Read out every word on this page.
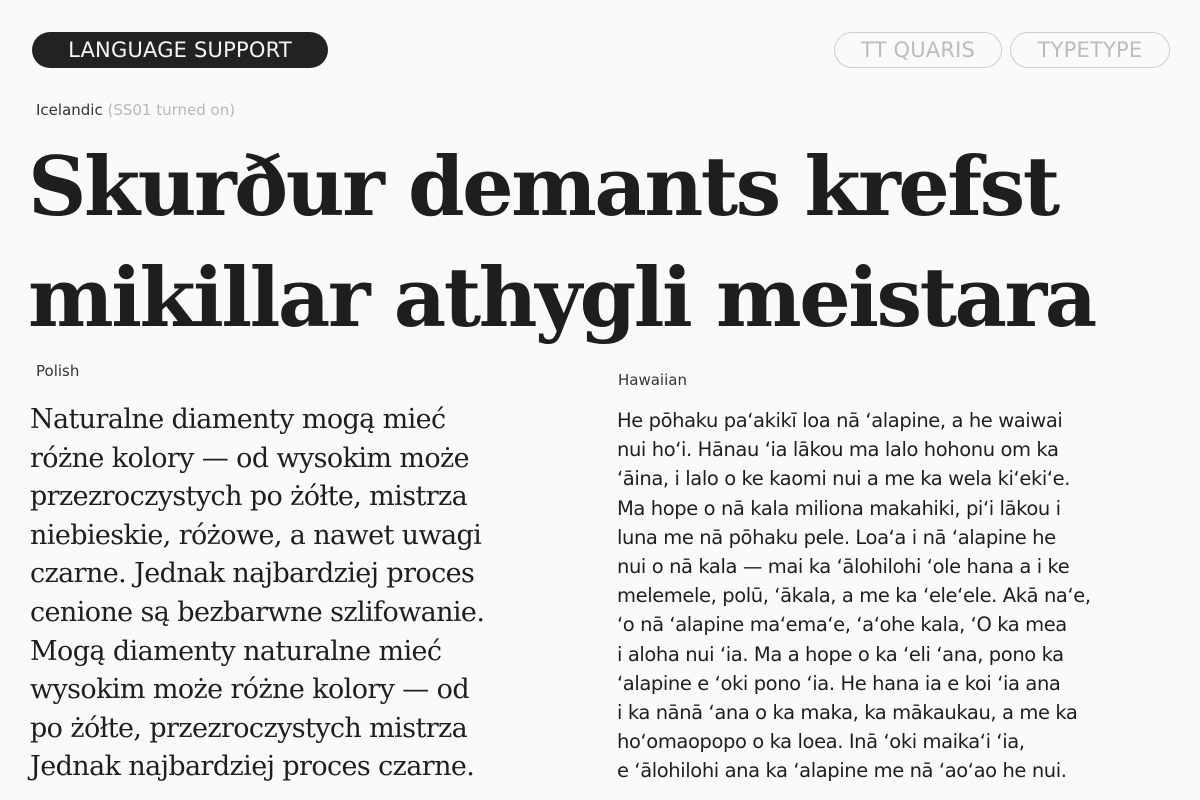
LANGUAGE SUPPORT	TT QUARIS	TYPETYPE
Icelandic (SS01 turned on)
Skurður demants krefst
mikillar athygli meistara
Polish
Naturalne diamenty mogą mieć
różne kolory — od wysokim może
przezroczystych po żółte, mistrza
niebieskie, różowe, a nawet uwagi
czarne. Jednak najbardziej proces
cenione są bezbarwne szlifowanie.
Mogą diamenty naturalne mieć
wysokim może różne kolory — od
po żółte, przezroczystych mistrza
Jednak najbardziej proces czarne.
Hawaiian
He pōhaku paʻakikī loa nā ʻalapine, a he waiwai
nui hoʻi. Hānau ʻia lākou ma lalo hohonu om ka
ʻāina, i lalo o ke kaomi nui a me ka wela kiʻekiʻe.
Ma hope o nā kala miliona makahiki, piʻi lākou i
luna me nā pōhaku pele. Loaʻa i nā ʻalapine he
nui o nā kala — mai ka ʻālohilohi ʻole hana a i ke
melemele, polū, ʻākala, a me ka ʻeleʻele. Akā naʻe,
ʻo nā ʻalapine maʻemaʻe, ʻaʻohe kala, ʻO ka mea
i aloha nui ʻia. Ma a hope o ka ʻeli ʻana, pono ka
ʻalapine e ʻoki pono ʻia. He hana ia e koi ʻia ana
i ka nānā ʻana o ka maka, ka mākaukau, a me ka
hoʻomaopopo o ka loea. Inā ʻoki maikaʻi ʻia,
e ʻālohilohi ana ka ʻalapine me nā ʻaoʻao he nui.
